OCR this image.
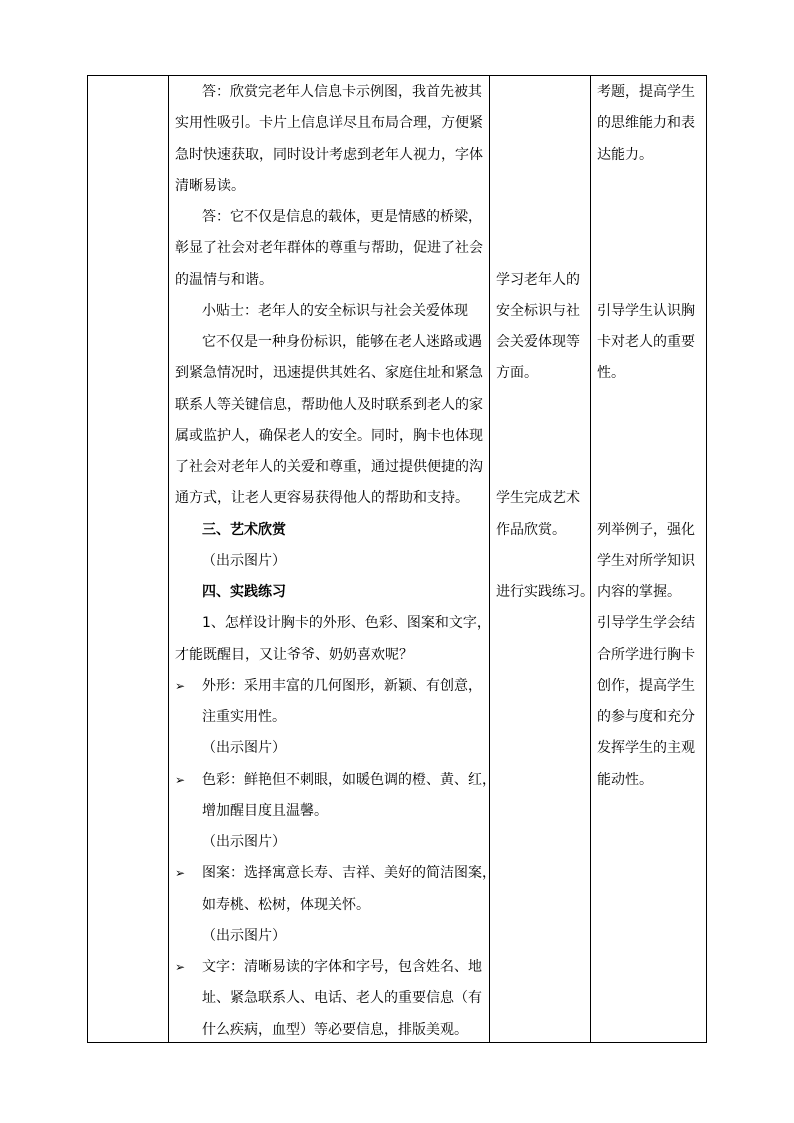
答：欣赏完老年人信息卡示例图，我首先被其
实用性吸引。卡片上信息详尽且布局合理，方便紧
急时快速获取，同时设计考虑到老年人视力，字体
清晰易读。
答：它不仅是信息的载体，更是情感的桥梁，
彰显了社会对老年群体的尊重与帮助，促进了社会
的温情与和谐。
小贴士：老年人的安全标识与社会关爱体现
它不仅是一种身份标识，能够在老人迷路或遇
到紧急情况时，迅速提供其姓名、家庭住址和紧急
联系人等关键信息，帮助他人及时联系到老人的家
属或监护人，确保老人的安全。同时，胸卡也体现
了社会对老年人的关爱和尊重，通过提供便捷的沟
通方式，让老人更容易获得他人的帮助和支持。
三、艺术欣赏
（出示图片）
四、实践练习
1、怎样设计胸卡的外形、色彩、图案和文字，
才能既醒目，又让爷爷、奶奶喜欢呢？
➢ 外形：采用丰富的几何图形，新颖、有创意，
注重实用性。
（出示图片）
➢ 色彩：鲜艳但不刺眼，如暖色调的橙、黄、红，
增加醒目度且温馨。
（出示图片）
➢ 图案：选择寓意长寿、吉祥、美好的简洁图案，
如寿桃、松树，体现关怀。
（出示图片）
➢ 文字：清晰易读的字体和字号，包含姓名、地
址、紧急联系人、电话、老人的重要信息（有
什么疾病，血型）等必要信息，排版美观。
学习老年人的
安全标识与社
会关爱体现等
方面。
学生完成艺术
作品欣赏。
进行实践练习。
考题，提高学生
的思维能力和表
达能力。
引导学生认识胸
卡对老人的重要
性。
列举例子，强化
学生对所学知识
内容的掌握。
引导学生学会结
合所学进行胸卡
创作，提高学生
的参与度和充分
发挥学生的主观
能动性。
